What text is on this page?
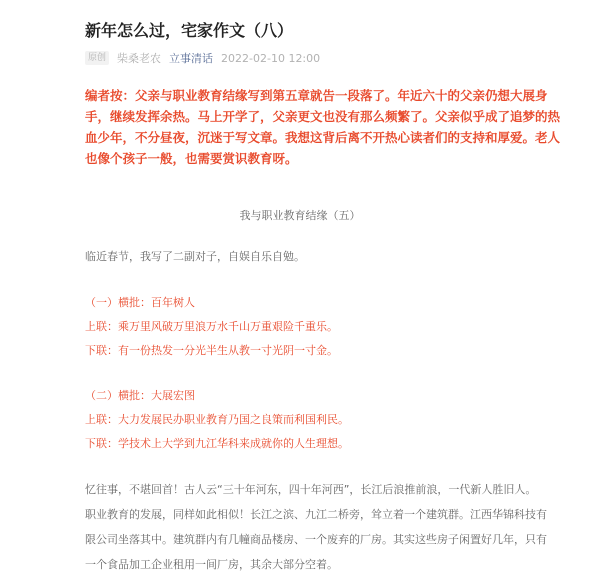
新年怎么过，宅家作文（八）
原创 柴桑老农 立事清话 2022-02-10 12:00
编者按：父亲与职业教育结缘写到第五章就告一段落了。年近六十的父亲仍想大展身
手，继续发挥余热。马上开学了，父亲更文也没有那么频繁了。父亲似乎成了追梦的热
血少年，不分昼夜，沉迷于写文章。我想这背后离不开热心读者们的支持和厚爱。老人
也像个孩子一般，也需要赏识教育呀。
我与职业教育结缘（五）
临近春节，我写了二副对子，自娱自乐自勉。
（一）横批：百年树人
上联：乘万里风破万里浪万水千山万重艰险千重乐。
下联：有一份热发一分光半生从教一寸光阴一寸金。
（二）横批：大展宏图
上联：大力发展民办职业教育乃国之良策而利国利民。
下联：学技术上大学到九江华科来成就你的人生理想。
忆往事，不堪回首！古人云“三十年河东，四十年河西”，长江后浪推前浪，一代新人胜旧人。
职业教育的发展，同样如此相似！长江之滨、九江二桥旁，耸立着一个建筑群。江西华锦科技有
限公司坐落其中。建筑群内有几幢商品楼房、一个废弃的厂房。其实这些房子闲置好几年，只有
一个食品加工企业租用一间厂房，其余大部分空着。
